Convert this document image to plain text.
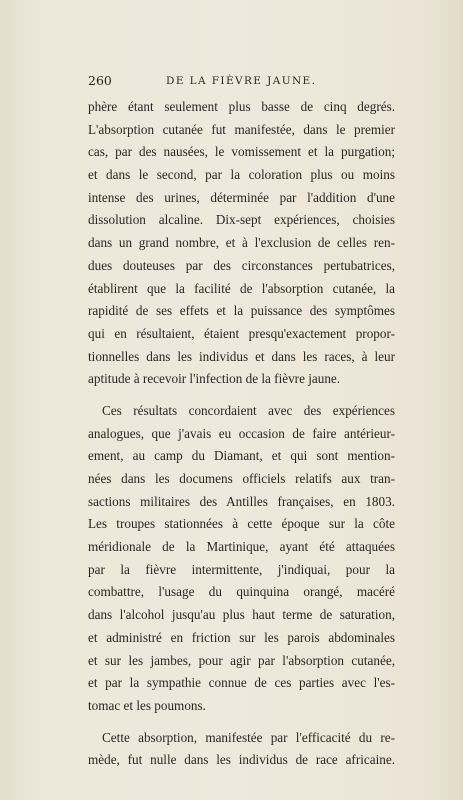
260	DE LA FIÈVRE JAUNE.

phère étant seulement plus basse de cinq degrés.
L'absorption cutanée fut manifestée, dans le premier
cas, par des nausées, le vomissement et la purgation;
et dans le second, par la coloration plus ou moins
intense des urines, déterminée par l'addition d'une
dissolution alcaline. Dix-sept expériences, choisies
dans un grand nombre, et à l'exclusion de celles ren-
dues douteuses par des circonstances pertubatrices,
établirent que la facilité de l'absorption cutanée, la
rapidité de ses effets et la puissance des symptômes
qui en résultaient, étaient presqu'exactement propor-
tionnelles dans les individus et dans les races, à leur
aptitude à recevoir l'infection de la fièvre jaune.

Ces résultats concordaient avec des expériences
analogues, que j'avais eu occasion de faire antérieur-
ement, au camp du Diamant, et qui sont mention-
nées dans les documens officiels relatifs aux tran-
sactions militaires des Antilles françaises, en 1803.
Les troupes stationnées à cette époque sur la côte
méridionale de la Martinique, ayant été attaquées
par la fièvre intermittente, j'indiquai, pour la
combattre, l'usage du quinquina orangé, macéré
dans l'alcohol jusqu'au plus haut terme de saturation,
et administré en friction sur les parois abdominales
et sur les jambes, pour agir par l'absorption cutanée,
et par la sympathie connue de ces parties avec l'es-
tomac et les poumons.

Cette absorption, manifestée par l'efficacité du re-
mède, fut nulle dans les individus de race africaine.
